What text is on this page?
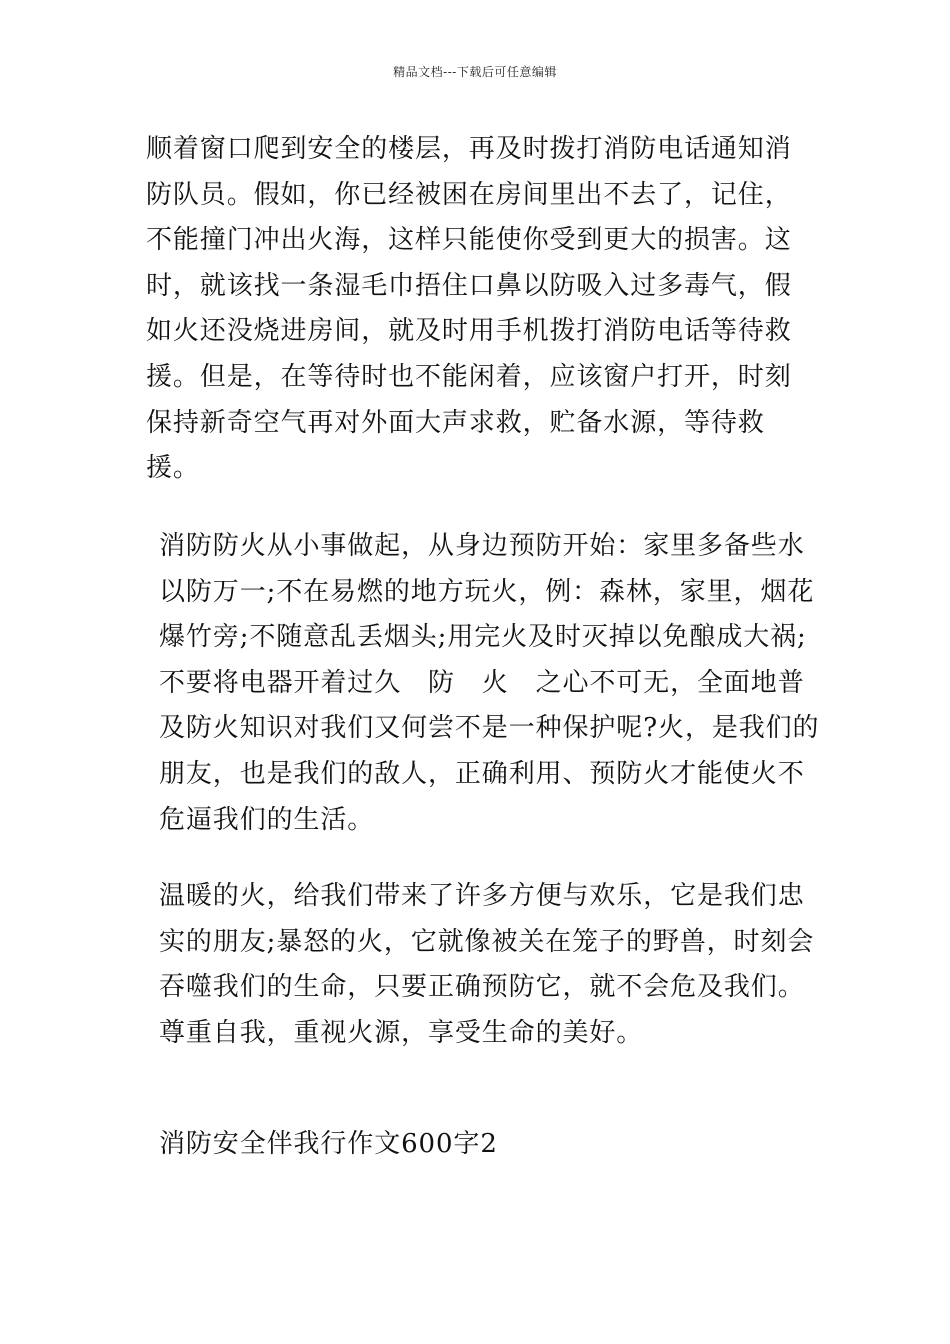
精品文档---下载后可任意编辑

顺着窗口爬到安全的楼层，再及时拨打消防电话通知消防队员。假如，你已经被困在房间里出不去了，记住，不能撞门冲出火海，这样只能使你受到更大的损害。这时，就该找一条湿毛巾捂住口鼻以防吸入过多毒气，假如火还没烧进房间，就及时用手机拨打消防电话等待救援。但是，在等待时也不能闲着，应该窗户打开，时刻保持新奇空气再对外面大声求救，贮备水源，等待救援。

消防防火从小事做起，从身边预防开始：家里多备些水以防万一;不在易燃的地方玩火，例：森林，家里，烟花爆竹旁;不随意乱丢烟头;用完火及时灭掉以免酿成大祸;不要将电器开着过久　防　火　之心不可无，全面地普及防火知识对我们又何尝不是一种保护呢?火，是我们的朋友，也是我们的敌人，正确利用、预防火才能使火不危逼我们的生活。

温暖的火，给我们带来了许多方便与欢乐，它是我们忠实的朋友;暴怒的火，它就像被关在笼子的野兽，时刻会吞噬我们的生命，只要正确预防它，就不会危及我们。尊重自我，重视火源，享受生命的美好。

消防安全伴我行作文600字2
